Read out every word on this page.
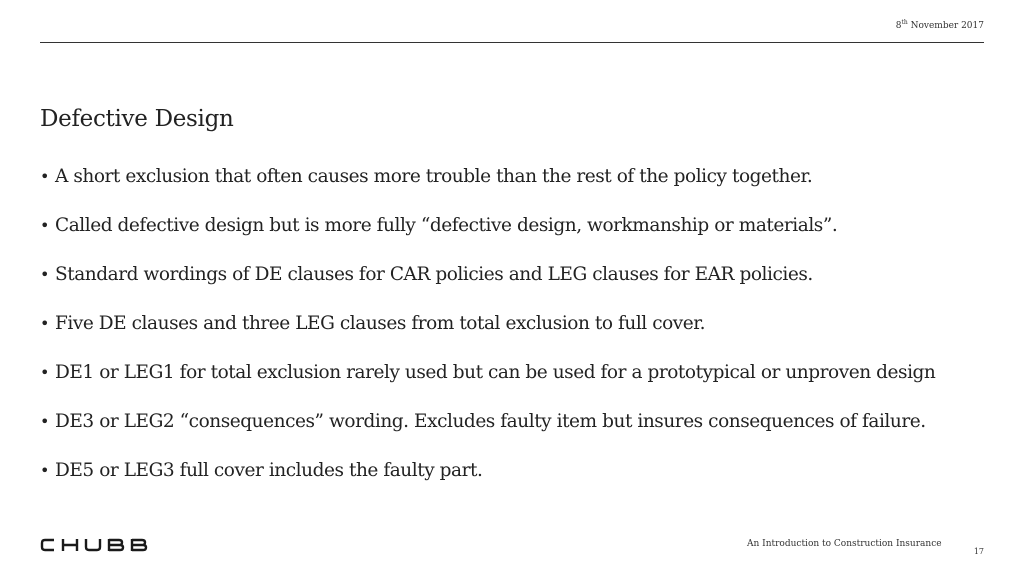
8th November 2017
Defective Design
• A short exclusion that often causes more trouble than the rest of the policy together.
• Called defective design but is more fully “defective design, workmanship or materials”.
• Standard wordings of DE clauses for CAR policies and LEG clauses for EAR policies.
• Five DE clauses and three LEG clauses from total exclusion to full cover.
• DE1 or LEG1 for total exclusion rarely used but can be used for a prototypical or unproven design
• DE3 or LEG2 “consequences” wording. Excludes faulty item but insures consequences of failure.
• DE5 or LEG3 full cover includes the faulty part.
An Introduction to Construction Insurance
17
